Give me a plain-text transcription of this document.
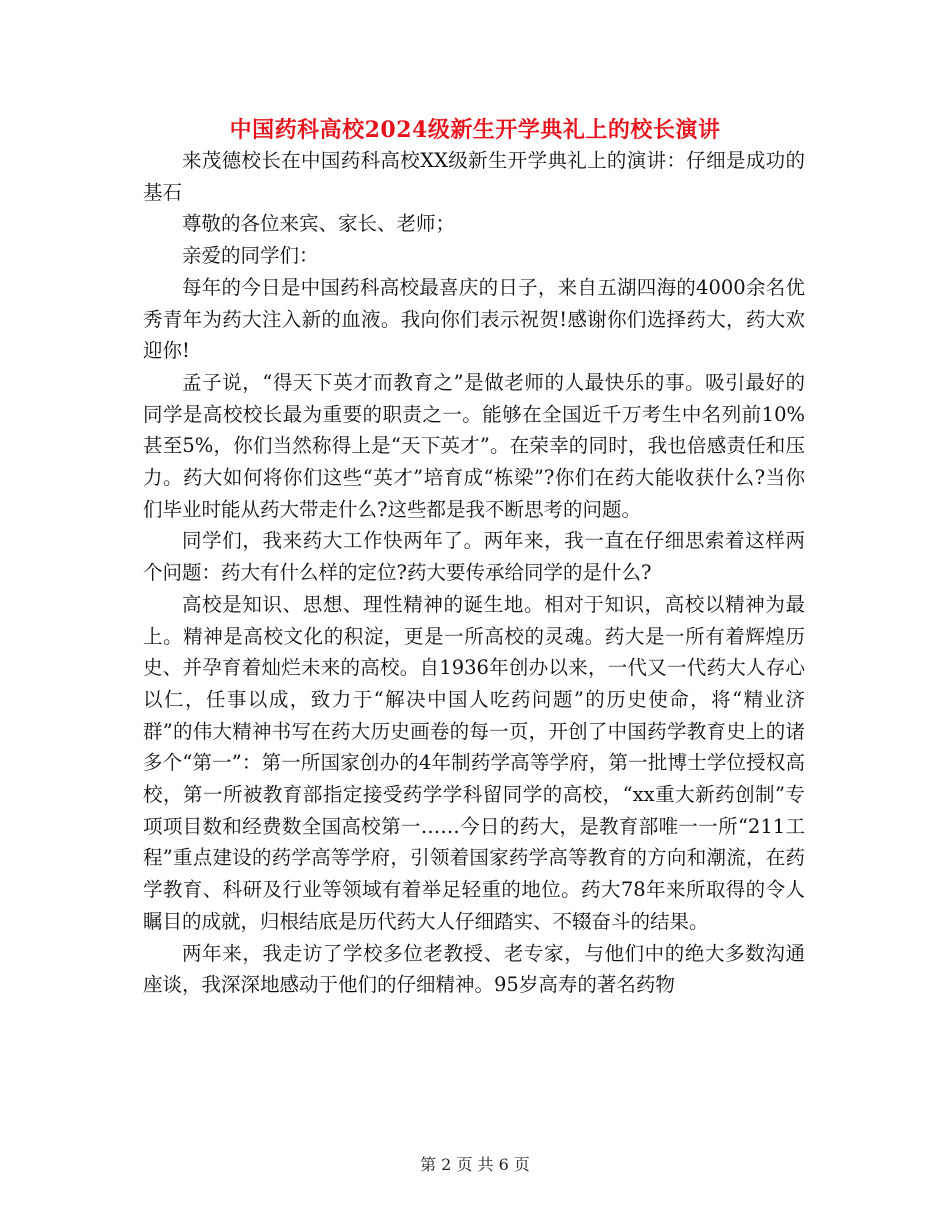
中国药科高校2024级新生开学典礼上的校长演讲

来茂德校长在中国药科高校XX级新生开学典礼上的演讲：仔细是成功的基石

尊敬的各位来宾、家长、老师；

亲爱的同学们：

每年的今日是中国药科高校最喜庆的日子，来自五湖四海的4000余名优秀青年为药大注入新的血液。我向你们表示祝贺!感谢你们选择药大，药大欢迎你!

孟子说，“得天下英才而教育之”是做老师的人最快乐的事。吸引最好的同学是高校校长最为重要的职责之一。能够在全国近千万考生中名列前10%甚至5%，你们当然称得上是“天下英才”。在荣幸的同时，我也倍感责任和压力。药大如何将你们这些“英才”培育成“栋梁”?你们在药大能收获什么?当你们毕业时能从药大带走什么?这些都是我不断思考的问题。

同学们，我来药大工作快两年了。两年来，我一直在仔细思索着这样两个问题：药大有什么样的定位?药大要传承给同学的是什么?

高校是知识、思想、理性精神的诞生地。相对于知识，高校以精神为最上。精神是高校文化的积淀，更是一所高校的灵魂。药大是一所有着辉煌历史、并孕育着灿烂未来的高校。自1936年创办以来，一代又一代药大人存心以仁，任事以成，致力于“解决中国人吃药问题”的历史使命，将“精业济群”的伟大精神书写在药大历史画卷的每一页，开创了中国药学教育史上的诸多个“第一”：第一所国家创办的4年制药学高等学府，第一批博士学位授权高校，第一所被教育部指定接受药学学科留同学的高校，“xx重大新药创制”专项项目数和经费数全国高校第一……今日的药大，是教育部唯一一所“211工程”重点建设的药学高等学府，引领着国家药学高等教育的方向和潮流，在药学教育、科研及行业等领域有着举足轻重的地位。药大78年来所取得的令人瞩目的成就，归根结底是历代药大人仔细踏实、不辍奋斗的结果。

两年来，我走访了学校多位老教授、老专家，与他们中的绝大多数沟通座谈，我深深地感动于他们的仔细精神。95岁高寿的著名药物

第 2 页 共 6 页
